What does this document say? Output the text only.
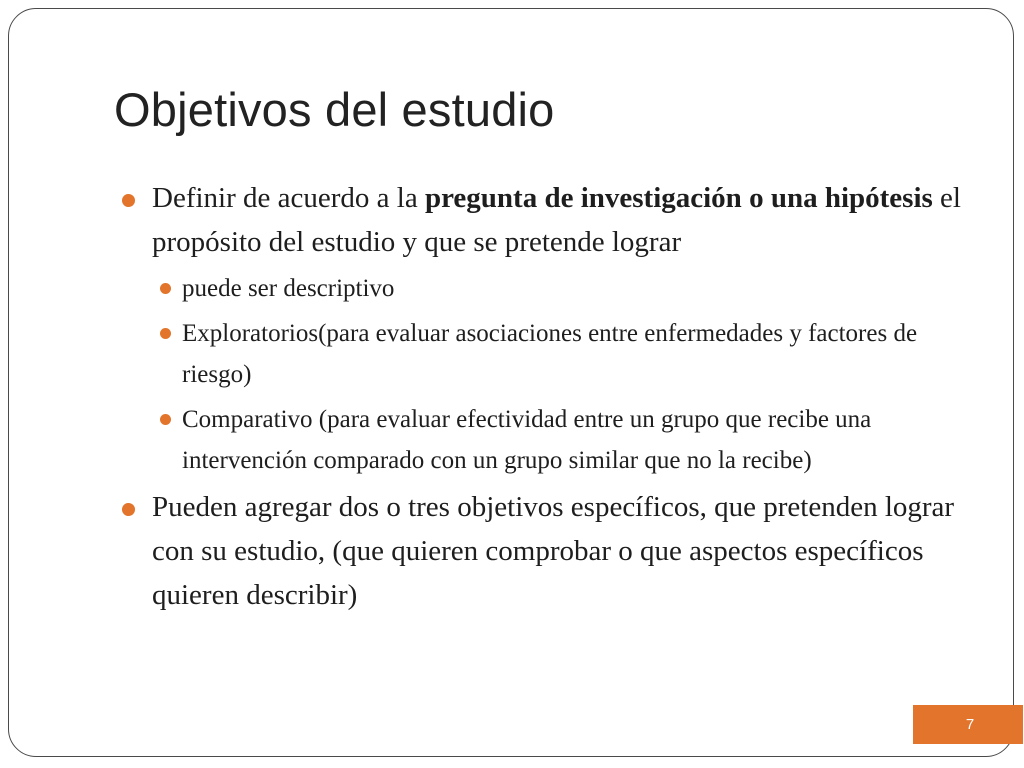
Objetivos del estudio
Definir de acuerdo a la pregunta de investigación o una hipótesis el propósito del estudio y que se pretende lograr
puede ser descriptivo
Exploratorios(para evaluar asociaciones entre enfermedades y factores de riesgo)
Comparativo (para evaluar efectividad entre un grupo que recibe una intervención comparado con un grupo similar que no la recibe)
Pueden agregar dos o tres objetivos específicos, que pretenden lograr con su estudio, (que quieren comprobar o que aspectos específicos quieren describir)
7
